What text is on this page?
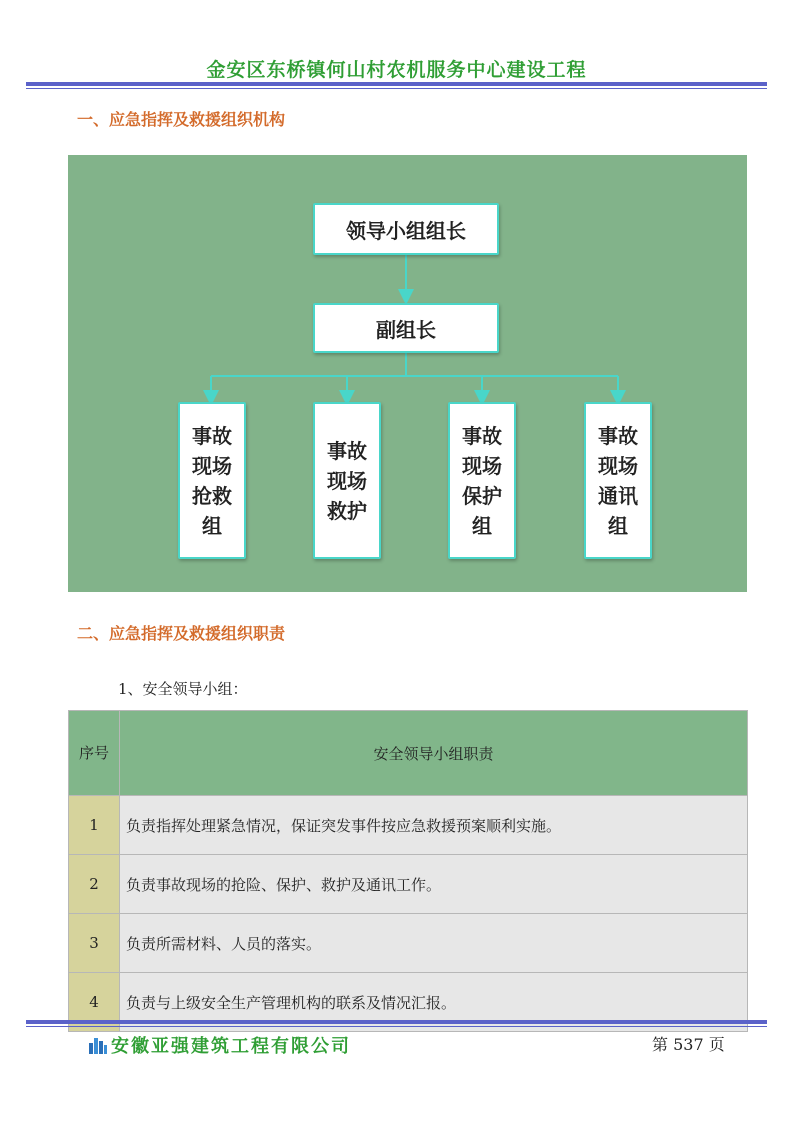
金安区东桥镇何山村农机服务中心建设工程
一、应急指挥及救援组织机构
领导小组组长
副组长
事故
现场
抢救
组
事故
现场
救护
事故
现场
保护
组
事故
现场
通讯
组
二、应急指挥及救援组织职责
1、安全领导小组：
序号	安全领导小组职责
1	负责指挥处理紧急情况，保证突发事件按应急救援预案顺利实施。
2	负责事故现场的抢险、保护、救护及通讯工作。
3	负责所需材料、人员的落实。
4	负责与上级安全生产管理机构的联系及情况汇报。
安徽亚强建筑工程有限公司	第 537 页
